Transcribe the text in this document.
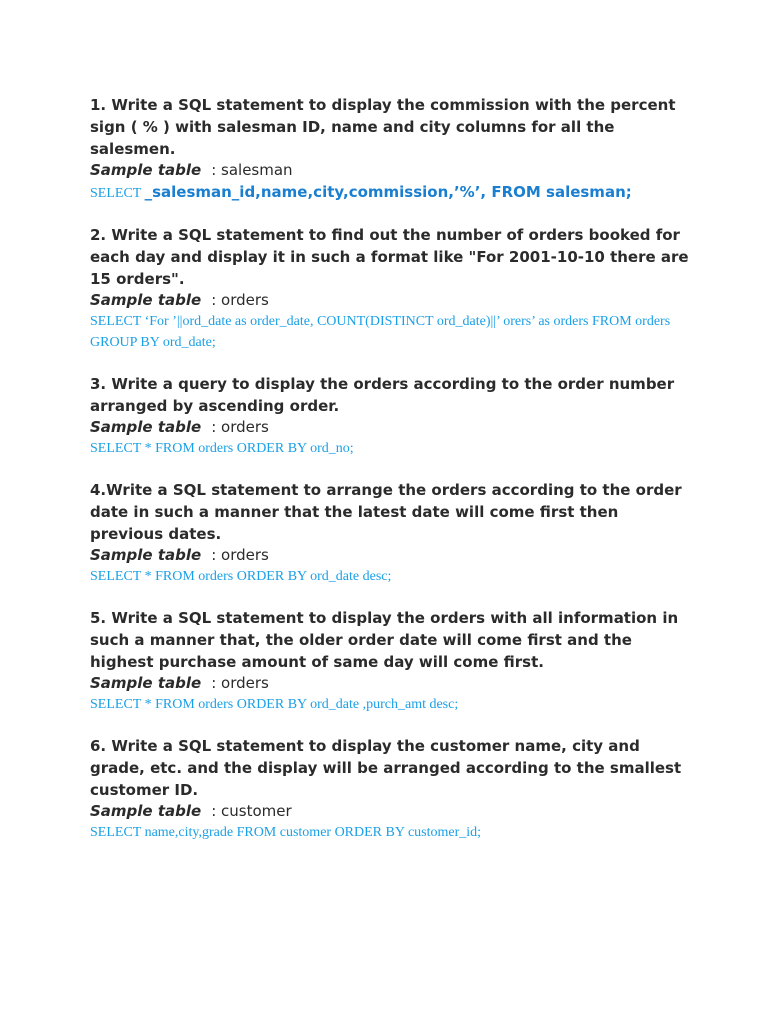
1. Write a SQL statement to display the commission with the percent sign ( % ) with salesman ID, name and city columns for all the salesmen.

Sample table : salesman

SELECT _salesman_id,name,city,commission,’%’, FROM salesman;

2. Write a SQL statement to find out the number of orders booked for each day and display it in such a format like "For 2001-10-10 there are 15 orders".

Sample table : orders

SELECT ‘For ’||ord_date as order_date, COUNT(DISTINCT ord_date)||’ orers’ as orders FROM orders GROUP BY ord_date;

3. Write a query to display the orders according to the order number arranged by ascending order.

Sample table : orders

SELECT * FROM orders ORDER BY ord_no;

4.Write a SQL statement to arrange the orders according to the order date in such a manner that the latest date will come first then previous dates.

Sample table : orders

SELECT * FROM orders ORDER BY ord_date desc;

5. Write a SQL statement to display the orders with all information in such a manner that, the older order date will come first and the highest purchase amount of same day will come first.

Sample table : orders

SELECT * FROM orders ORDER BY ord_date ,purch_amt desc;

6. Write a SQL statement to display the customer name, city and grade, etc. and the display will be arranged according to the smallest customer ID.

Sample table : customer

SELECT name,city,grade FROM customer ORDER BY customer_id;
